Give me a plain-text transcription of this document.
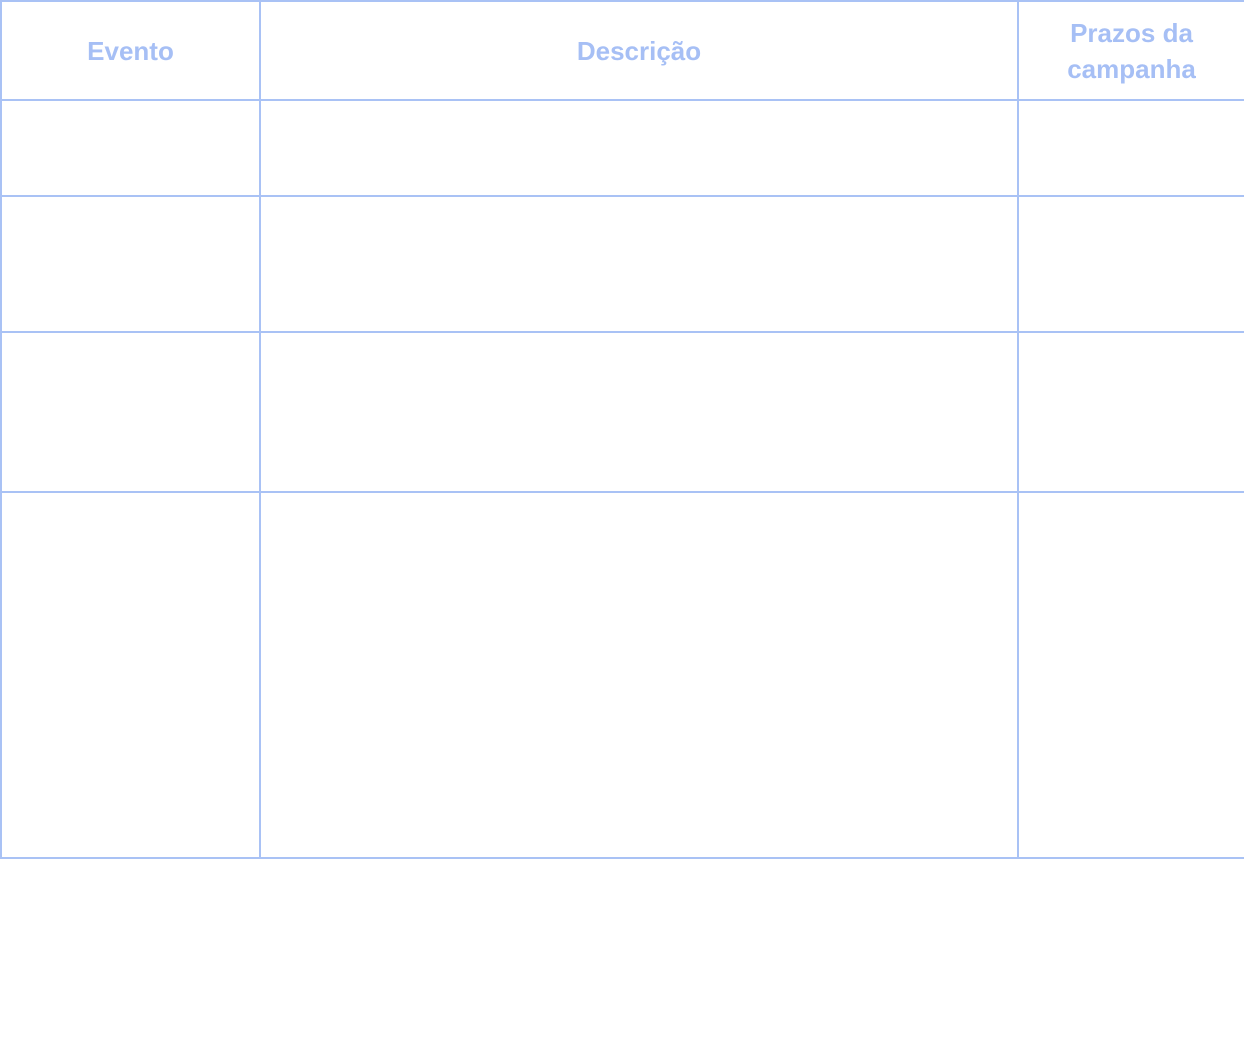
Evento	Descrição	Prazos da campanha
